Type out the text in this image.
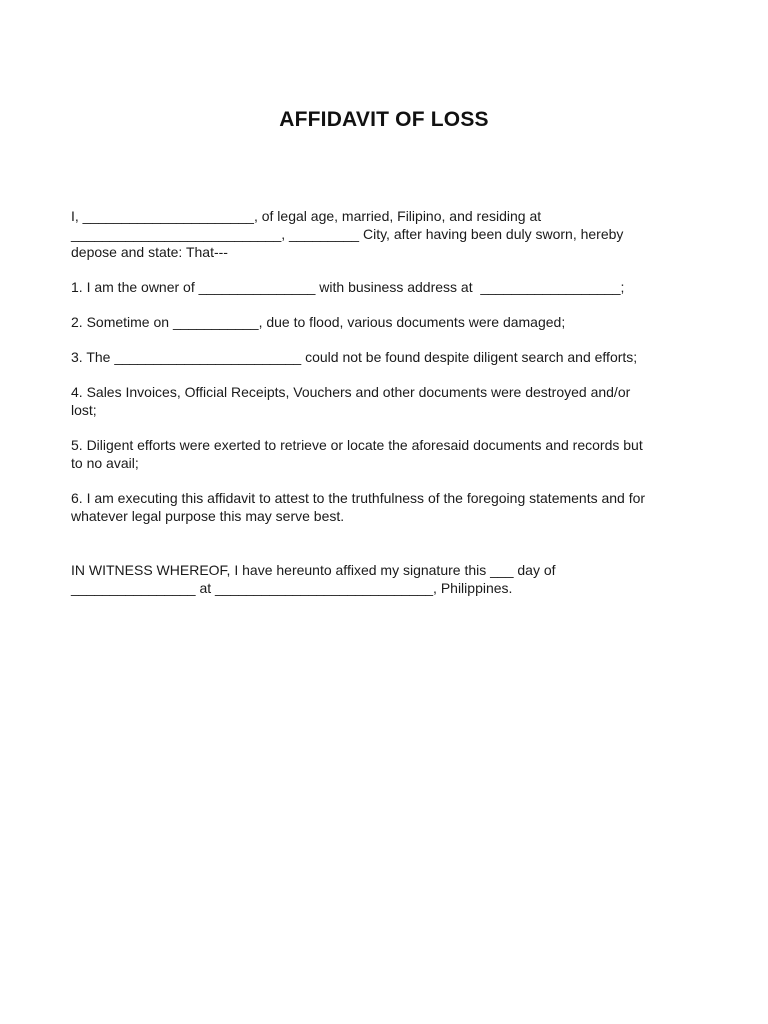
AFFIDAVIT OF LOSS

I, ______________________, of legal age, married, Filipino, and residing at
___________________________, _________ City, after having been duly sworn, hereby
depose and state: That---

1. I am the owner of _______________ with business address at  __________________;

2. Sometime on ___________, due to flood, various documents were damaged;

3. The ________________________ could not be found despite diligent search and efforts;

4. Sales Invoices, Official Receipts, Vouchers and other documents were destroyed and/or
lost;

5. Diligent efforts were exerted to retrieve or locate the aforesaid documents and records but
to no avail;

6. I am executing this affidavit to attest to the truthfulness of the foregoing statements and for
whatever legal purpose this may serve best.

IN WITNESS WHEREOF, I have hereunto affixed my signature this ___ day of
________________ at ____________________________, Philippines.
